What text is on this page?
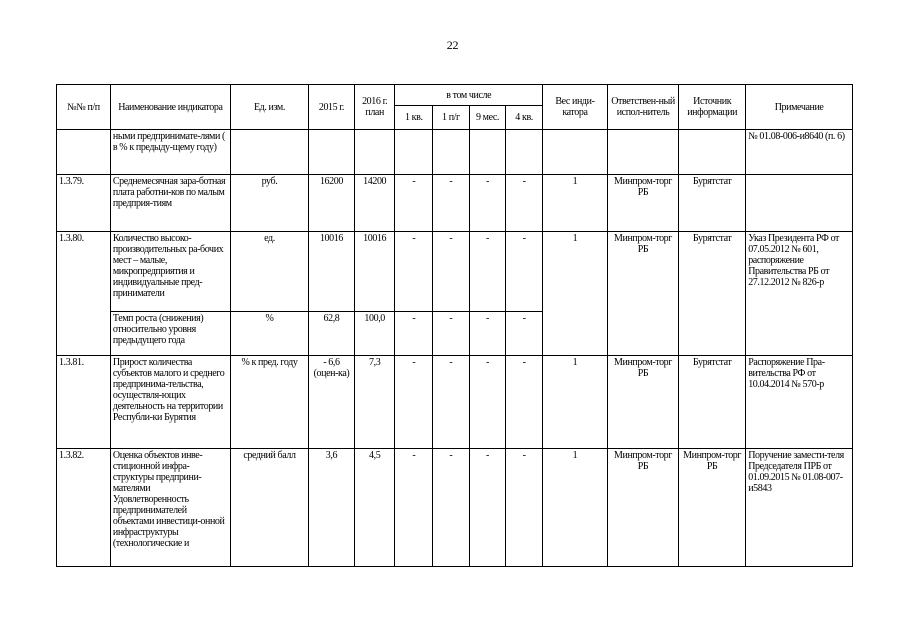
22
№№ п/п	Наименование индикатора	Ед. изм.	2015 г.	2016 г. план	в том числе				Вес инди-катора	Ответствен-ный испол-нитель	Источник информации	Примечание
					1 кв.	1 п/г	9 мес.	4 кв.				
	ными предпринимате-лями ( в % к предыду-щему году)											№ 01.08-006-и8640 (п. 6)
1.3.79.	Среднемесячная зара-ботная плата работни-ков по малым предприя-тиям	руб.	16200	14200	-	-	-	-	1	Минпром-торг РБ	Бурятстат	
1.3.80.	Количество высоко-производительных ра-бочих мест – малые, микропредприятия и индивидуальные пред-приниматели	ед.	10016	10016	-	-	-	-	1	Минпром-торг РБ	Бурятстат	Указ Президента РФ от 07.05.2012 № 601, распоряжение Правительства РБ от 27.12.2012 № 826-р
	Темп роста (снижения) относительно уровня предыдущего года	%	62,8	100,0	-	-	-	-				
1.3.81.	Прирост количества субъектов малого и среднего предпринима-тельства, осуществля-ющих деятельность на территории Республи-ки Бурятия	% к пред. году	- 6,6 (оцен-ка)	7,3	-	-	-	-	1	Минпром-торг РБ	Бурятстат	Распоряжение Пра-вительства РФ от 10.04.2014 № 570-р
1.3.82.	Оценка объектов инве-стиционной инфра-структуры предприни-мателями Удовлетворенность предпринимателей объектами инвестици-онной инфраструктуры (технологические и	средний балл	3,6	4,5	-	-	-	-	1	Минпром-торг РБ	Минпром-торг РБ	Поручение замести-теля Председателя ПРБ от 01.09.2015 № 01.08-007-и5843
